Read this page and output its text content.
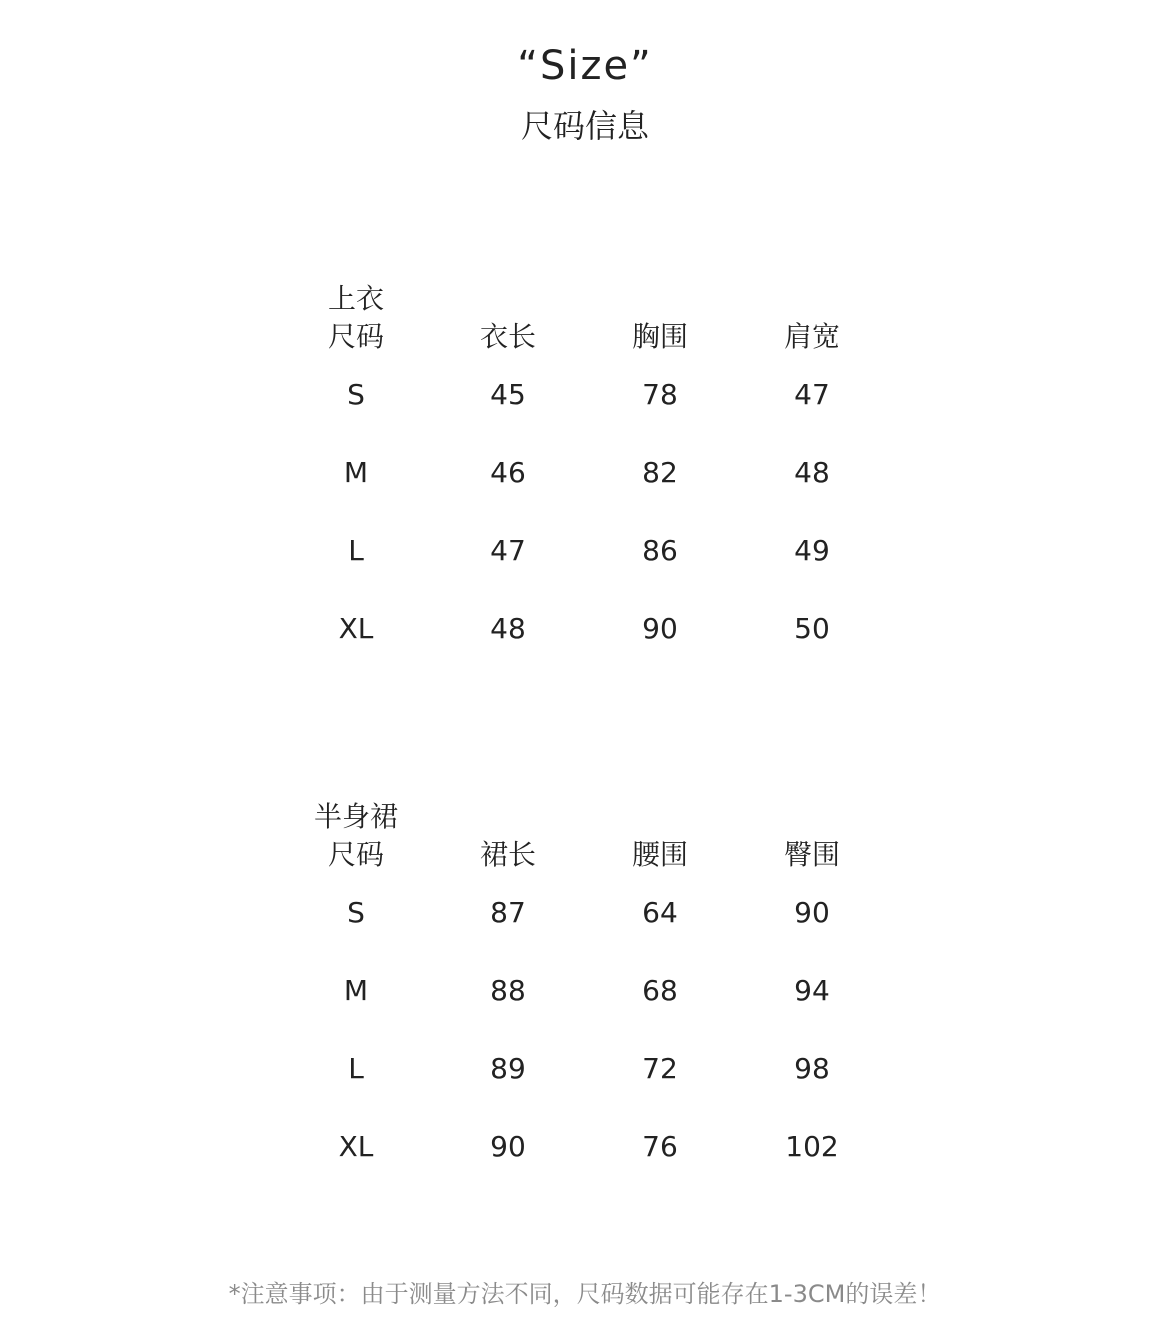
“Size”
尺码信息
上衣
尺码	衣长	胸围	肩宽
S	45	78	47
M	46	82	48
L	47	86	49
XL	48	90	50
半身裙
尺码	裙长	腰围	臀围
S	87	64	90
M	88	68	94
L	89	72	98
XL	90	76	102
*注意事项：由于测量方法不同，尺码数据可能存在1-3CM的误差！
